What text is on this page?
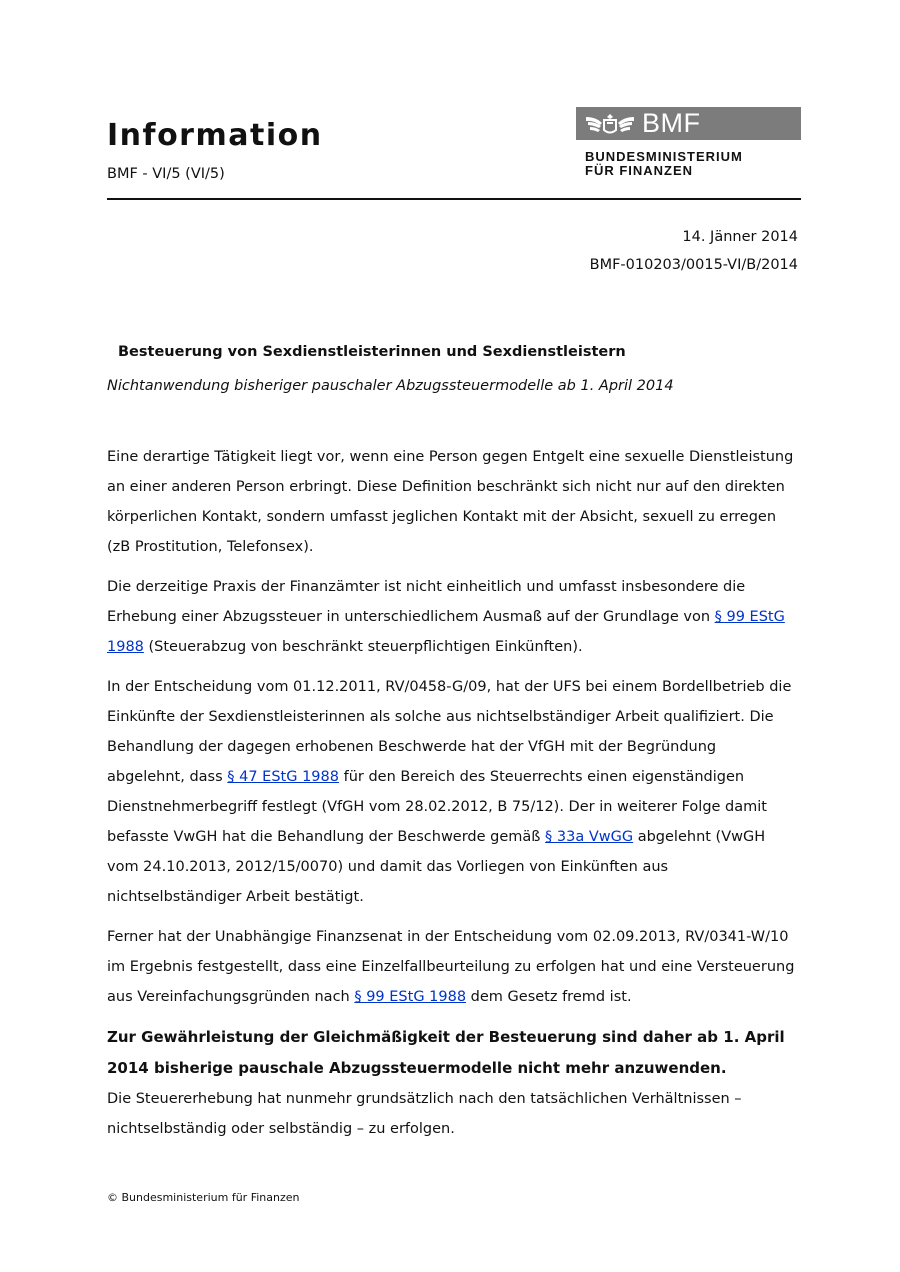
Information
BMF - VI/5 (VI/5)
BMF
BUNDESMINISTERIUM
FÜR FINANZEN
14. Jänner 2014
BMF-010203/0015-VI/B/2014
Besteuerung von Sexdienstleisterinnen und Sexdienstleistern
Nichtanwendung bisheriger pauschaler Abzugssteuermodelle ab 1. April 2014

Eine derartige Tätigkeit liegt vor, wenn eine Person gegen Entgelt eine sexuelle Dienstleistung an einer anderen Person erbringt. Diese Definition beschränkt sich nicht nur auf den direkten körperlichen Kontakt, sondern umfasst jeglichen Kontakt mit der Absicht, sexuell zu erregen (zB Prostitution, Telefonsex).

Die derzeitige Praxis der Finanzämter ist nicht einheitlich und umfasst insbesondere die Erhebung einer Abzugssteuer in unterschiedlichem Ausmaß auf der Grundlage von § 99 EStG 1988 (Steuerabzug von beschränkt steuerpflichtigen Einkünften).

In der Entscheidung vom 01.12.2011, RV/0458-G/09, hat der UFS bei einem Bordellbetrieb die Einkünfte der Sexdienstleisterinnen als solche aus nichtselbständiger Arbeit qualifiziert. Die Behandlung der dagegen erhobenen Beschwerde hat der VfGH mit der Begründung abgelehnt, dass § 47 EStG 1988 für den Bereich des Steuerrechts einen eigenständigen Dienstnehmerbegriff festlegt (VfGH vom 28.02.2012, B 75/12). Der in weiterer Folge damit befasste VwGH hat die Behandlung der Beschwerde gemäß § 33a VwGG abgelehnt (VwGH vom 24.10.2013, 2012/15/0070) und damit das Vorliegen von Einkünften aus nichtselbständiger Arbeit bestätigt.

Ferner hat der Unabhängige Finanzsenat in der Entscheidung vom 02.09.2013, RV/0341-W/10 im Ergebnis festgestellt, dass eine Einzelfallbeurteilung zu erfolgen hat und eine Versteuerung aus Vereinfachungsgründen nach § 99 EStG 1988 dem Gesetz fremd ist.

Zur Gewährleistung der Gleichmäßigkeit der Besteuerung sind daher ab 1. April 2014 bisherige pauschale Abzugssteuermodelle nicht mehr anzuwenden.

Die Steuererhebung hat nunmehr grundsätzlich nach den tatsächlichen Verhältnissen – nichtselbständig oder selbständig – zu erfolgen.

© Bundesministerium für Finanzen
